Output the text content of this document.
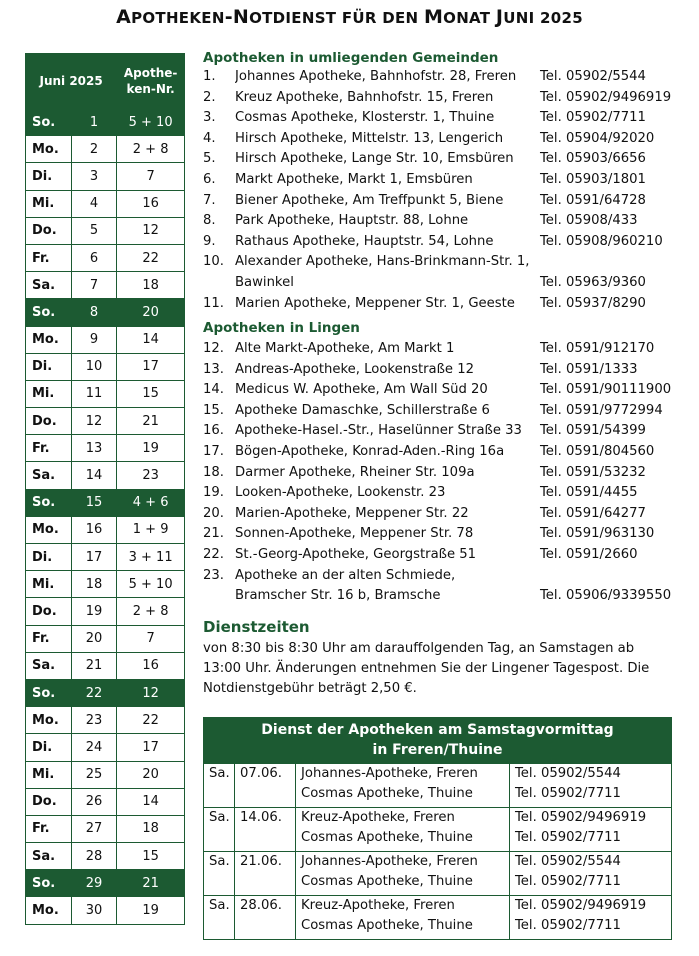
APOTHEKEN-NOTDIENST FÜR DEN MONAT JUNI 2025
Juni 2025		Apothe-
ken-Nr.
So.	1	5 + 10
Mo.	2	2 + 8
Di.	3	7
Mi.	4	16
Do.	5	12
Fr.	6	22
Sa.	7	18
So.	8	20
Mo.	9	14
Di.	10	17
Mi.	11	15
Do.	12	21
Fr.	13	19
Sa.	14	23
So.	15	4 + 6
Mo.	16	1 + 9
Di.	17	3 + 11
Mi.	18	5 + 10
Do.	19	2 + 8
Fr.	20	7
Sa.	21	16
So.	22	12
Mo.	23	22
Di.	24	17
Mi.	25	20
Do.	26	14
Fr.	27	18
Sa.	28	15
So.	29	21
Mo.	30	19
Apotheken in umliegenden Gemeinden
1.	Johannes Apotheke, Bahnhofstr. 28, Freren	Tel. 05902/5544
2.	Kreuz Apotheke, Bahnhofstr. 15, Freren	Tel. 05902/9496919
3.	Cosmas Apotheke, Klosterstr. 1, Thuine	Tel. 05902/7711
4.	Hirsch Apotheke, Mittelstr. 13, Lengerich	Tel. 05904/92020
5.	Hirsch Apotheke, Lange Str. 10, Emsbüren	Tel. 05903/6656
6.	Markt Apotheke, Markt 1, Emsbüren	Tel. 05903/1801
7.	Biener Apotheke, Am Treffpunkt 5, Biene	Tel. 0591/64728
8.	Park Apotheke, Hauptstr. 88, Lohne	Tel. 05908/433
9.	Rathaus Apotheke, Hauptstr. 54, Lohne	Tel. 05908/960210
10. Alexander Apotheke, Hans-Brinkmann-Str. 1,
Bawinkel	Tel. 05963/9360
11. Marien Apotheke, Meppener Str. 1, Geeste	Tel. 05937/8290
Apotheken in Lingen
12. Alte Markt-Apotheke, Am Markt 1	Tel. 0591/912170
13. Andreas-Apotheke, Lookenstraße 12	Tel. 0591/1333
14. Medicus W. Apotheke, Am Wall Süd 20	Tel. 0591/90111900
15. Apotheke Damaschke, Schillerstraße 6	Tel. 0591/9772994
16. Apotheke-Hasel.-Str., Haselünner Straße 33	Tel. 0591/54399
17. Bögen-Apotheke, Konrad-Aden.-Ring 16a	Tel. 0591/804560
18. Darmer Apotheke, Rheiner Str. 109a	Tel. 0591/53232
19. Looken-Apotheke, Lookenstr. 23	Tel. 0591/4455
20. Marien-Apotheke, Meppener Str. 22	Tel. 0591/64277
21. Sonnen-Apotheke, Meppener Str. 78	Tel. 0591/963130
22. St.-Georg-Apotheke, Georgstraße 51	Tel. 0591/2660
23. Apotheke an der alten Schmiede,
Bramscher Str. 16 b, Bramsche	Tel. 05906/9339550
Dienstzeiten
von 8:30 bis 8:30 Uhr am darauffolgenden Tag, an Samstagen ab 13:00 Uhr. Änderungen entnehmen Sie der Lingener Tagespost. Die Notdienstgebühr beträgt 2,50 €.
Dienst der Apotheken am Samstagvormittag
in Freren/Thuine
Sa. 07.06.	Johannes-Apotheke, Freren
Cosmas Apotheke, Thuine
Tel. 05902/5544
Tel. 05902/7711
Sa. 14.06.	Kreuz-Apotheke, Freren
Cosmas Apotheke, Thuine
Tel. 05902/9496919
Tel. 05902/7711
Sa. 21.06.	Johannes-Apotheke, Freren
Cosmas Apotheke, Thuine
Tel. 05902/5544
Tel. 05902/7711
Sa. 28.06.	Kreuz-Apotheke, Freren
Cosmas Apotheke, Thuine
Tel. 05902/9496919
Tel. 05902/7711
